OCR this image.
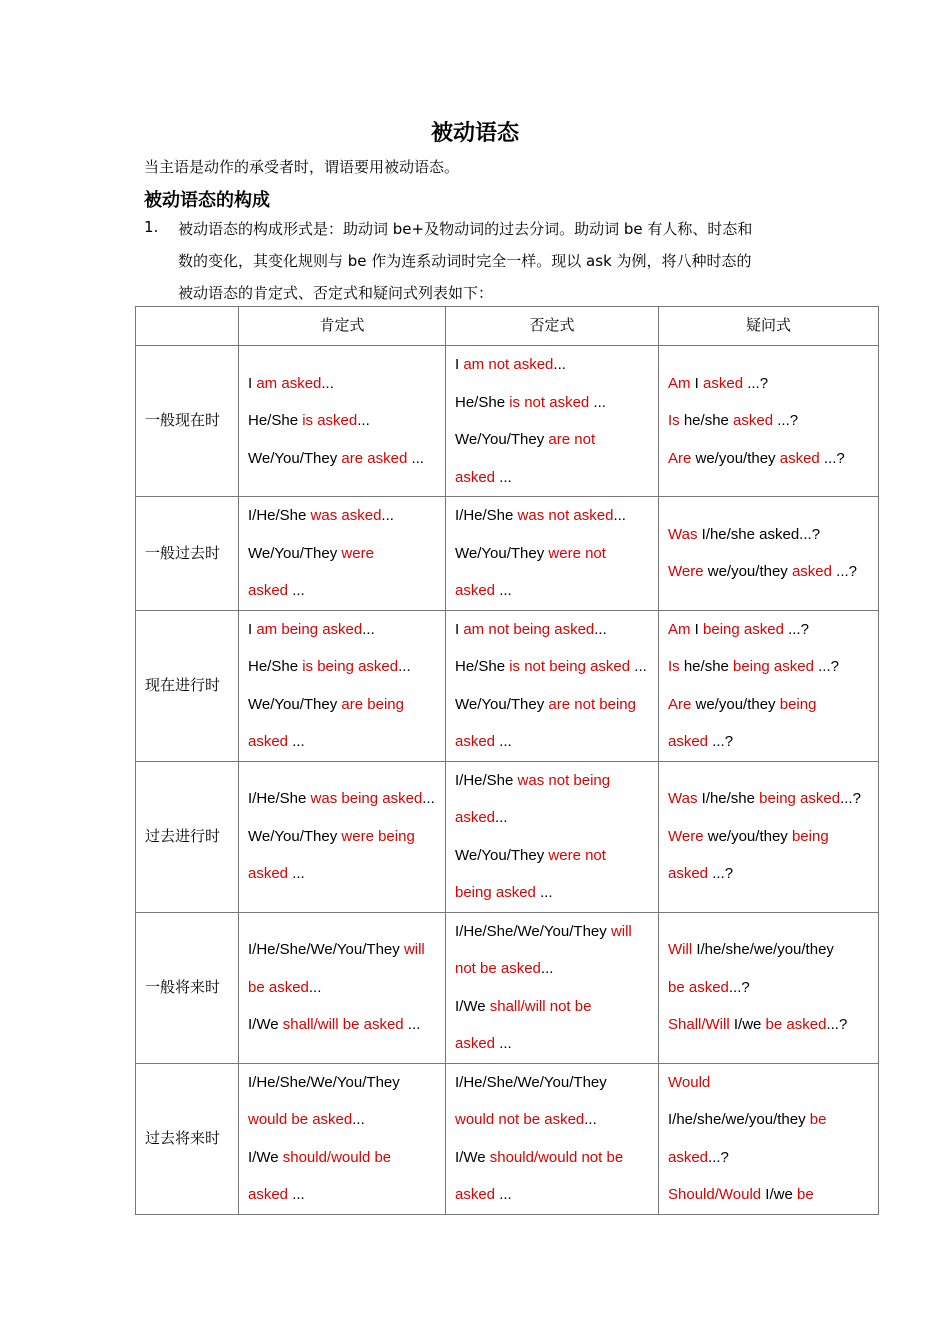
被动语态
当主语是动作的承受者时，谓语要用被动语态。
被动语态的构成
1. 被动语态的构成形式是：助动词 be+及物动词的过去分词。助动词 be 有人称、时态和
数的变化，其变化规则与 be 作为连系动词时完全一样。现以 ask 为例，将八种时态的
被动语态的肯定式、否定式和疑问式列表如下：
	肯定式	否定式	疑问式
一般现在时	I am asked...
He/She is asked...
We/You/They are asked ...	I am not asked...
He/She is not asked ...
We/You/They are not
asked ...	Am I asked ...?
Is he/she asked ...?
Are we/you/they asked ...?

一般过去时	I/He/She was asked...
We/You/They were
asked ...	I/He/She was not asked...
We/You/They were not
asked ...	Was I/he/she asked...?
Were we/you/they asked ...?

现在进行时	I am being asked...
He/She is being asked...
We/You/They are being
asked ...	I am not being asked...
He/She is not being asked ...
We/You/They are not being
asked ...	Am I being asked ...?
Is he/she being asked ...?
Are we/you/they being
asked ...?

过去进行时	I/He/She was being asked...
We/You/They were being
asked ...	I/He/She was not being
asked...
We/You/They were not
being asked ...	Was I/he/she being asked...?
Were we/you/they being
asked ...?

一般将来时	I/He/She/We/You/They will
be asked...
I/We shall/will be asked ...	I/He/She/We/You/They will
not be asked...
I/We shall/will not be
asked ...	Will I/he/she/we/you/they
be asked...?
Shall/Will I/we be asked...?

过去将来时	I/He/She/We/You/They
would be asked...
I/We should/would be
asked ...	I/He/She/We/You/They
would not be asked...
I/We should/would not be
asked ...	Would
I/he/she/we/you/they be
asked...?
Should/Would I/we be
